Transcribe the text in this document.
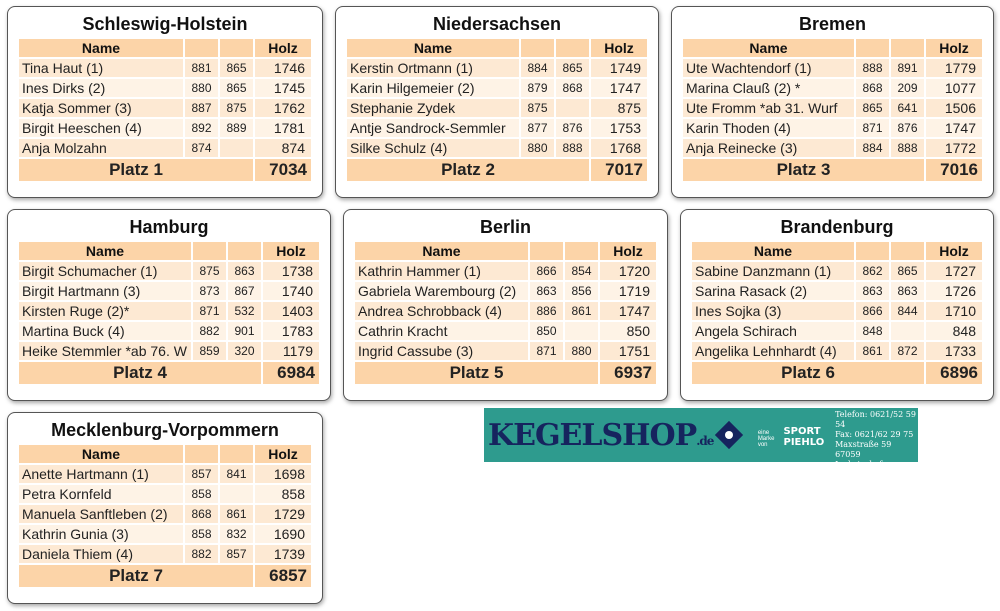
Schleswig-Holstein
Name			Holz
Tina Haut (1)	881	865	1746
Ines Dirks (2)	880	865	1745
Katja Sommer (3)	887	875	1762
Birgit Heeschen (4)	892	889	1781
Anja Molzahn	874		874
Platz 1			7034
Niedersachsen
Name			Holz
Kerstin Ortmann (1)	884	865	1749
Karin Hilgemeier (2)	879	868	1747
Stephanie Zydek	875		875
Antje Sandrock-Semmler	877	876	1753
Silke Schulz (4)	880	888	1768
Platz 2			7017
Bremen
Name			Holz
Ute Wachtendorf (1)	888	891	1779
Marina Clauß (2) *	868	209	1077
Ute Fromm *ab 31. Wurf	865	641	1506
Karin Thoden (4)	871	876	1747
Anja Reinecke (3)	884	888	1772
Platz 3			7016
Hamburg
Name			Holz
Birgit Schumacher (1)	875	863	1738
Birgit Hartmann (3)	873	867	1740
Kirsten Ruge (2)*	871	532	1403
Martina Buck (4)	882	901	1783
Heike Stemmler *ab 76. W	859	320	1179
Platz 4			6984
Berlin
Name			Holz
Kathrin Hammer (1)	866	854	1720
Gabriela Warembourg (2)	863	856	1719
Andrea Schrobback (4)	886	861	1747
Cathrin Kracht	850		850
Ingrid Cassube (3)	871	880	1751
Platz 5			6937
Brandenburg
Name			Holz
Sabine Danzmann (1)	862	865	1727
Sarina Rasack (2)	863	863	1726
Ines Sojka (3)	866	844	1710
Angela Schirach	848		848
Angelika Lehnhardt (4)	861	872	1733
Platz 6			6896
Mecklenburg-Vorpommern
Name			Holz
Anette Hartmann (1)	857	841	1698
Petra Kornfeld	858		858
Manuela Sanftleben (2)	868	861	1729
Kathrin Gunia (3)	858	832	1690
Daniela Thiem (4)	882	857	1739
Platz 7			6857
KEGELSHOP.de
eine Marke von

SPORT PIEHLO
Telefon: 0621/52 59 54
Fax: 0621/62 29 75
Maxstraße 59
67059 Ludwigshafen
